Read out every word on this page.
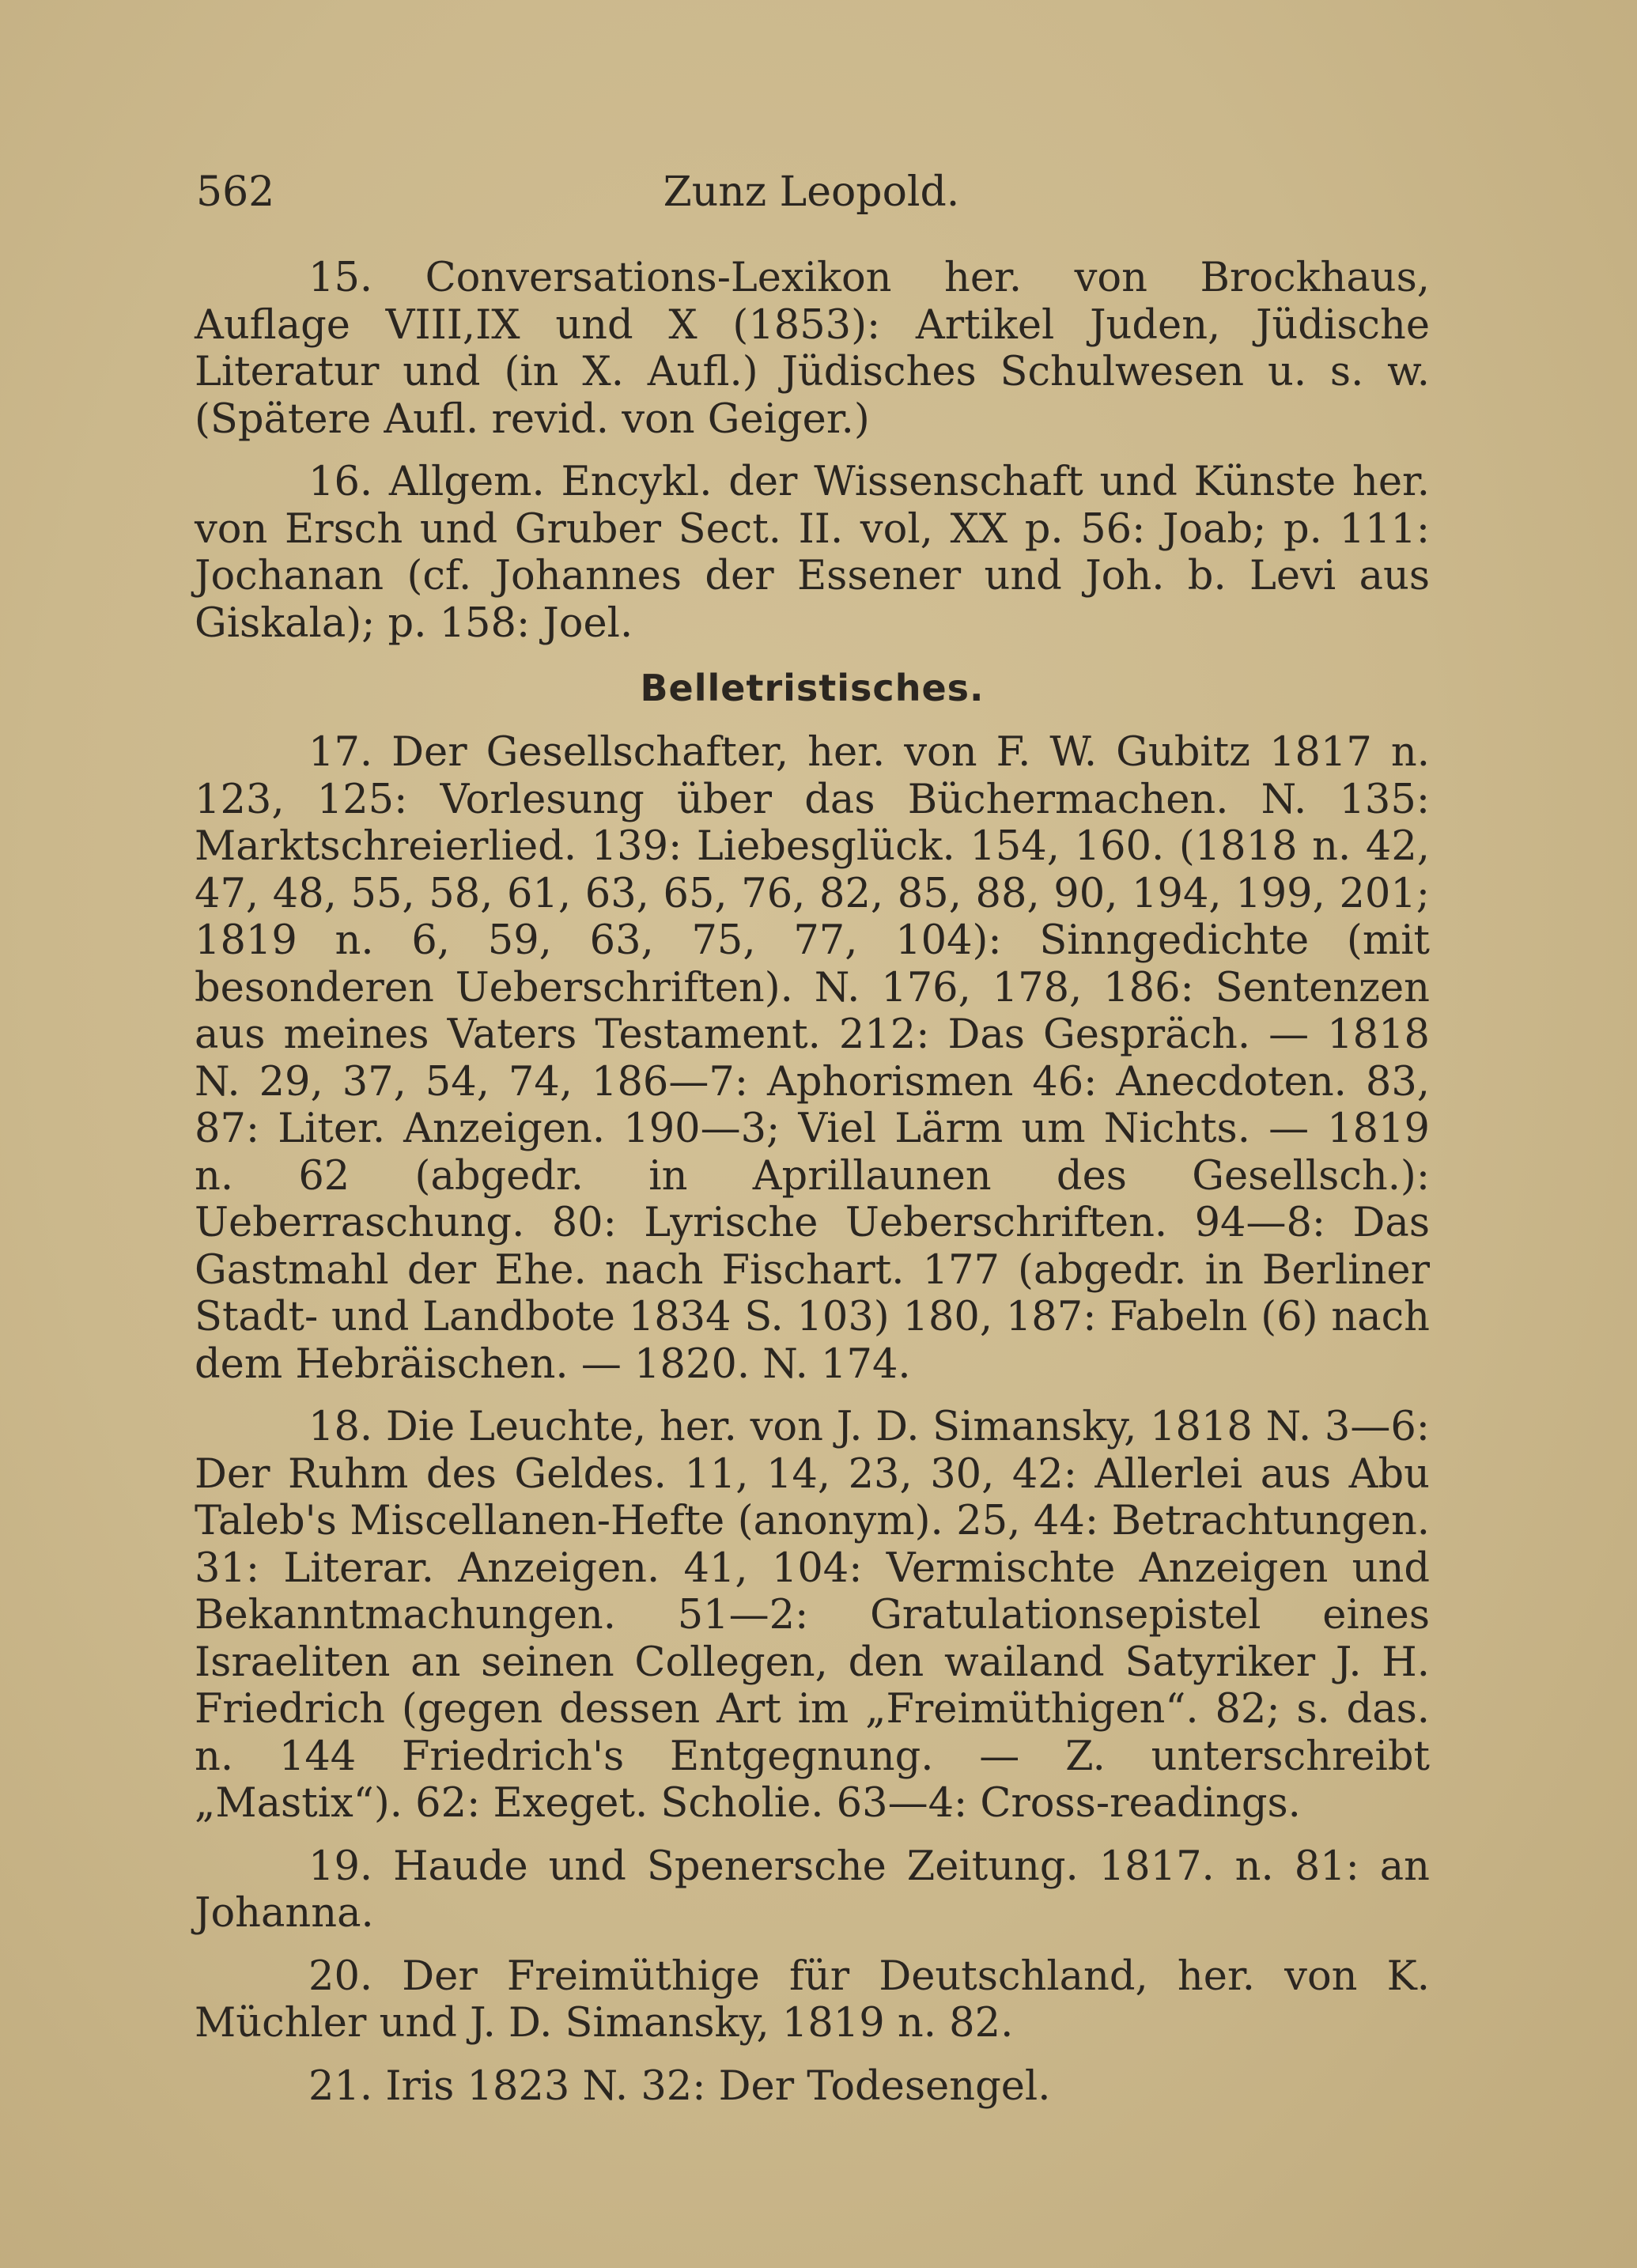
562	Zunz Leopold.

15. Conversations-Lexikon her. von Brockhaus, Auflage VIII,IX und X (1853): Artikel Juden, Jüdische Literatur und (in X. Aufl.) Jüdisches Schulwesen u. s. w. (Spätere Aufl. revid. von Geiger.)

16. Allgem. Encykl. der Wissenschaft und Künste her. von Ersch und Gruber Sect. II. vol, XX p. 56: Joab; p. 111: Jochanan (cf. Johannes der Essener und Joh. b. Levi aus Giskala); p. 158: Joel.

Belletristisches.

17. Der Gesellschafter, her. von F. W. Gubitz 1817 n. 123, 125: Vorlesung über das Büchermachen. N. 135: Marktschreierlied. 139: Liebesglück. 154, 160. (1818 n. 42, 47, 48, 55, 58, 61, 63, 65, 76, 82, 85, 88, 90, 194, 199, 201; 1819 n. 6, 59, 63, 75, 77, 104): Sinngedichte (mit besonderen Ueberschriften). N. 176, 178, 186: Sentenzen aus meines Vaters Testament. 212: Das Gespräch. — 1818 N. 29, 37, 54, 74, 186—7: Aphorismen 46: Anecdoten. 83, 87: Liter. Anzeigen. 190—3; Viel Lärm um Nichts. — 1819 n. 62 (abgedr. in Aprillaunen des Gesellsch.): Ueberraschung. 80: Lyrische Ueberschriften. 94—8: Das Gastmahl der Ehe. nach Fischart. 177 (abgedr. in Berliner Stadt- und Landbote 1834 S. 103) 180, 187: Fabeln (6) nach dem Hebräischen. — 1820. N. 174.

18. Die Leuchte, her. von J. D. Simansky, 1818 N. 3—6: Der Ruhm des Geldes. 11, 14, 23, 30, 42: Allerlei aus Abu Taleb's Miscellanen-Hefte (anonym). 25, 44: Betrachtungen. 31: Literar. Anzeigen. 41, 104: Vermischte Anzeigen und Bekanntmachungen. 51—2: Gratulationsepistel eines Israeliten an seinen Collegen, den wailand Satyriker J. H. Friedrich (gegen dessen Art im „Freimüthigen“. 82; s. das. n. 144 Friedrich's Entgegnung. — Z. unterschreibt „Mastix“). 62: Exeget. Scholie. 63—4: Cross-readings.

19. Haude und Spenersche Zeitung. 1817. n. 81: an Johanna.

20. Der Freimüthige für Deutschland, her. von K. Müchler und J. D. Simansky, 1819 n. 82.

21. Iris 1823 N. 32: Der Todesengel.
